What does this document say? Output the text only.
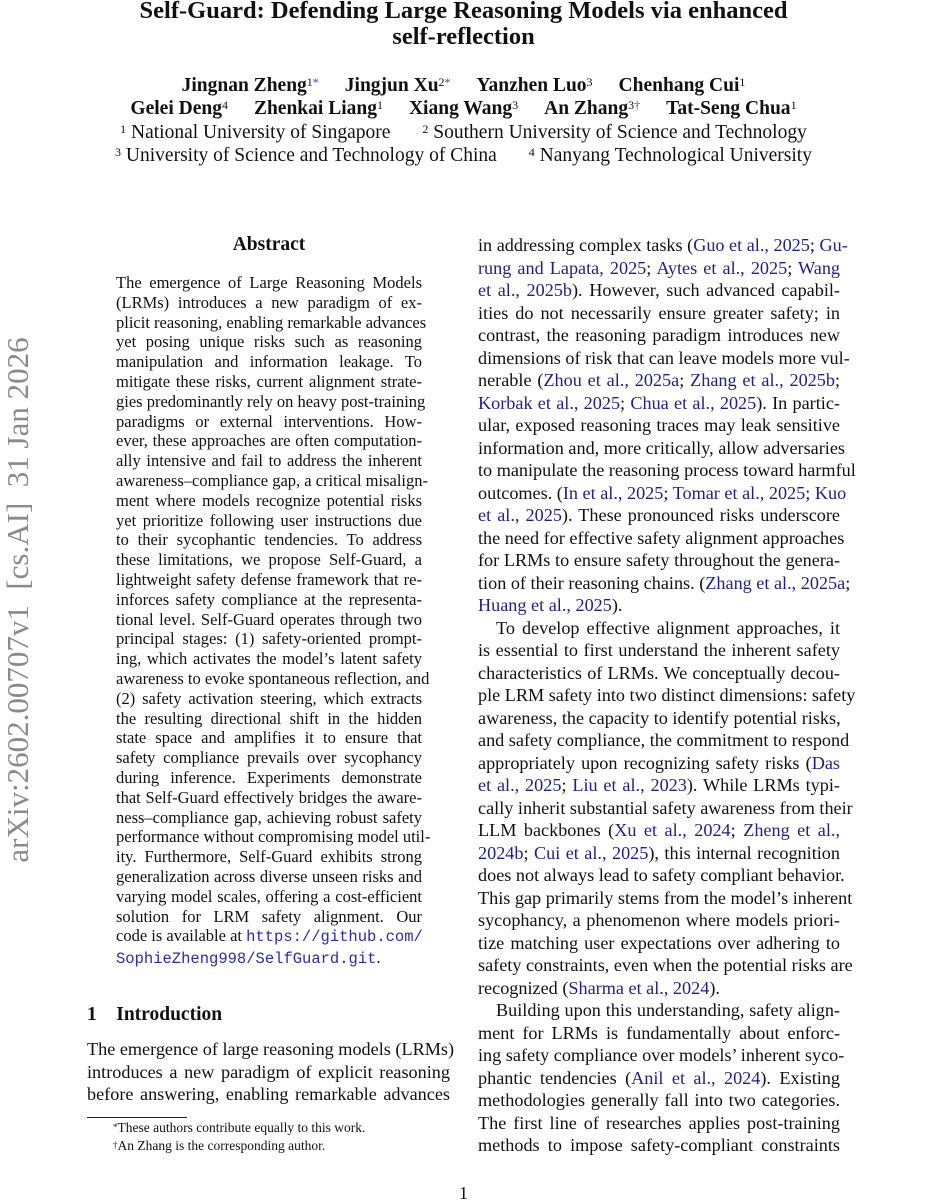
arXiv:2602.00707v1  [cs.AI]  31 Jan 2026
Self-Guard: Defending Large Reasoning Models via enhanced
self-reflection
Jingnan Zheng$^{1*}$ Jingjun $Xu^{2*}$ Yanzhen Luo$^3$ Chenhang Cui$^1$
Gelei Deng$^4$ Zhenkai Liang$^1$ Xiang Wang$^3$ An Zhang$^{3\dagger}$ Tat-Seng Chua$^1$
$^1$ National University of Singapore	$^2$ Southern University of Science and Technology
$^3$ University of Science and Technology of China	$^4$ Nanyang Technological University
Abstract
The emergence of Large Reasoning Models
(LRMs) introduces a new paradigm of ex-
plicit reasoning, enabling remarkable advances
yet posing unique risks such as reasoning
manipulation and information leakage. To
mitigate these risks, current alignment strate-
gies predominantly rely on heavy post-training
paradigms or external interventions. How-
ever, these approaches are often computation-
ally intensive and fail to address the inherent
awareness–compliance gap, a critical misalign-
ment where models recognize potential risks
yet prioritize following user instructions due
to their sycophantic tendencies. To address
these limitations, we propose Self-Guard, a
lightweight safety defense framework that re-
inforces safety compliance at the representa-
tional level. Self-Guard operates through two
principal stages: (1) safety-oriented prompt-
ing, which activates the model’s latent safety
awareness to evoke spontaneous reflection, and
(2) safety activation steering, which extracts
the resulting directional shift in the hidden
state space and amplifies it to ensure that
safety compliance prevails over sycophancy
during inference. Experiments demonstrate
that Self-Guard effectively bridges the aware-
ness–compliance gap, achieving robust safety
performance without compromising model util-
ity. Furthermore, Self-Guard exhibits strong
generalization across diverse unseen risks and
varying model scales, offering a cost-efficient
solution for LRM safety alignment. Our
code is available at https://github.com/
SophieZheng998/SelfGuard.git.
1 Introduction
The emergence of large reasoning models (LRMs)
introduces a new paradigm of explicit reasoning
before answering, enabling remarkable advances
in addressing complex tasks (Guo et al., 2025; Gu-
rung and Lapata, 2025; Aytes et al., 2025; Wang
et al., 2025b). However, such advanced capabil-
ities do not necessarily ensure greater safety; in
contrast, the reasoning paradigm introduces new
dimensions of risk that can leave models more vul-
nerable (Zhou et al., 2025a; Zhang et al., 2025b;
Korbak et al., 2025; Chua et al., 2025). In partic-
ular, exposed reasoning traces may leak sensitive
information and, more critically, allow adversaries
to manipulate the reasoning process toward harmful
outcomes. (In et al., 2025; Tomar et al., 2025; Kuo
et al., 2025). These pronounced risks underscore
the need for effective safety alignment approaches
for LRMs to ensure safety throughout the genera-
tion of their reasoning chains. (Zhang et al., 2025a;
Huang et al., 2025).
To develop effective alignment approaches, it
is essential to first understand the inherent safety
characteristics of LRMs. We conceptually decou-
ple LRM safety into two distinct dimensions: safety
awareness, the capacity to identify potential risks,
and safety compliance, the commitment to respond
appropriately upon recognizing safety risks (Das
et al., 2025; Liu et al., 2023). While LRMs typi-
cally inherit substantial safety awareness from their
LLM backbones (Xu et al., 2024; Zheng et al.,
2024b; Cui et al., 2025), this internal recognition
does not always lead to safety compliant behavior.
This gap primarily stems from the model’s inherent
sycophancy, a phenomenon where models priori-
tize matching user expectations over adhering to
safety constraints, even when the potential risks are
recognized (Sharma et al., 2024).
Building upon this understanding, safety align-
ment for LRMs is fundamentally about enforc-
ing safety compliance over models’ inherent syco-
phantic tendencies (Anil et al., 2024). Existing
methodologies generally fall into two categories.
The first line of researches applies post-training
methods to impose safety-compliant constraints
*These authors contribute equally to this work.
†An Zhang is the corresponding author.
1
